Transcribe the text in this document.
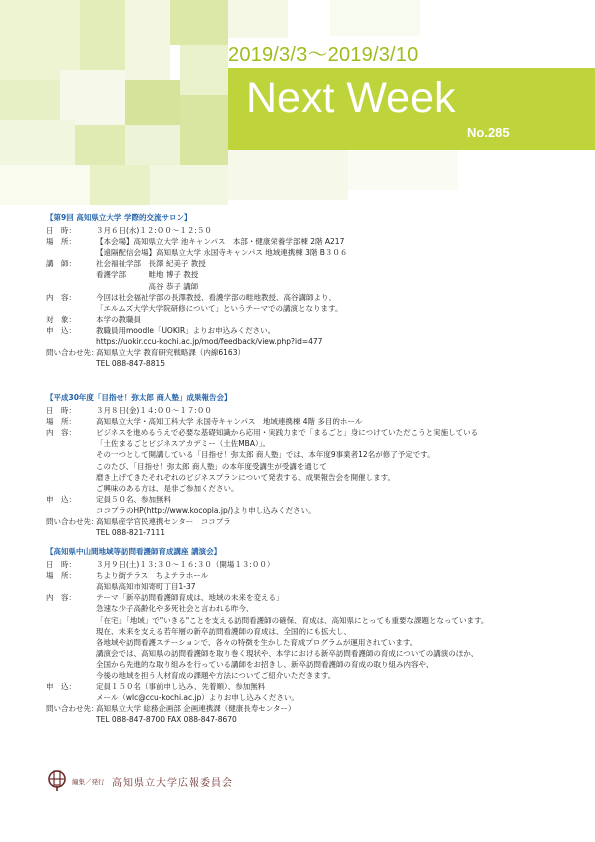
2019/3/3～2019/3/10
Next Week
No.285
【第9回 高知県立大学 学際的交流サロン】
日　時：	３月６日(水)１２:００～１２:５０
場　所：	【本会場】高知県立大学 池キャンパス　本部・健康栄養学部棟 2階 A217
【遠隔配信会場】高知県立大学 永国寺キャンパス 地域連携棟 3階 B３０６
講　師：	社会福祉学部　長澤 紀美子 教授
看護学部　　　畦地 博子 教授
　　　　　　　高谷 恭子 講師
内　容：	今回は社会福祉学部の長澤教授、看護学部の畦地教授、高谷講師より、
「エルムズ大学大学院研修について」というテーマでの講演となります。
対　象：	本学の教職員
申　込：	教職員用moodle「UOKIR」よりお申込みください。
https://uokir.ccu-kochi.ac.jp/mod/feedback/view.php?id=477
問い合わせ先：
高知県立大学 教育研究戦略課（内線6163）
TEL 088-847-8815
【平成30年度「目指せ！弥太郎 商人塾」成果報告会】
日　時：	３月８日(金)１４:００～１７:００
場　所：	高知県立大学・高知工科大学 永国寺キャンパス　地域連携棟 4階 多目的ホール
内　容：	ビジネスを進めるうえで必要な基礎知識から応用・実践力まで「まるごと」身につけていただこうと実施している
「土佐まるごとビジネスアカデミー（土佐MBA）」。
その一つとして開講している「目指せ！弥太郎 商人塾」では、本年度9事業者12名が修了予定です。
このたび、「目指せ！弥太郎 商人塾」の本年度受講生が受講を通じて
磨き上げてきたそれぞれのビジネスプランについて発表する、成果報告会を開催します。
ご興味のある方は、是非ご参加ください。
申　込：	定員５０名、参加無料
ココプラのHP(http://www.kocopla.jp/)より申し込みください。
問い合わせ先：
高知県産学官民連携センター　ココプラ
TEL 088-821-7111
【高知県中山間地域等訪問看護師育成講座 講演会】
日　時：	３月９日(土)１３:３０～１６:３０（開場１３:００）
場　所：	ちより街テラス　ちよテラホール
高知県高知市知寄町丁目1-37
内　容：	テーマ「新卒訪問看護師育成は、地域の未来を変える」
急速な少子高齢化や多死社会と言われる昨今、
「在宅」「地域」で"いきる"ことを支える訪問看護師の確保、育成は、高知県にとっても重要な課題となっています。
現在、未来を支える若年層の新卒訪問看護師の育成は、全国的にも拡大し、
各地域や訪問看護ステーションで、各々の特徴を生かした育成プログラムが運用されています。
講演会では、高知県の訪問看護師を取り巻く現状や、本学における新卒訪問看護師の育成についての講演のほか、
全国から先進的な取り組みを行っている講師をお招きし、新卒訪問看護師の育成の取り組み内容や、
今後の地域を担う人材育成の課題や方法についてご紹介いただきます。
申　込：	定員１５０名（事前申し込み、先着順）、参加無料
メール（wlc@ccu-kochi.ac.jp）よりお申し込みください。
問い合わせ先：
高知県立大学 総務企画部 企画連携課（健康長寿センター）
TEL 088-847-8700 FAX 088-847-8670
編集／発行 高知県立大学広報委員会
